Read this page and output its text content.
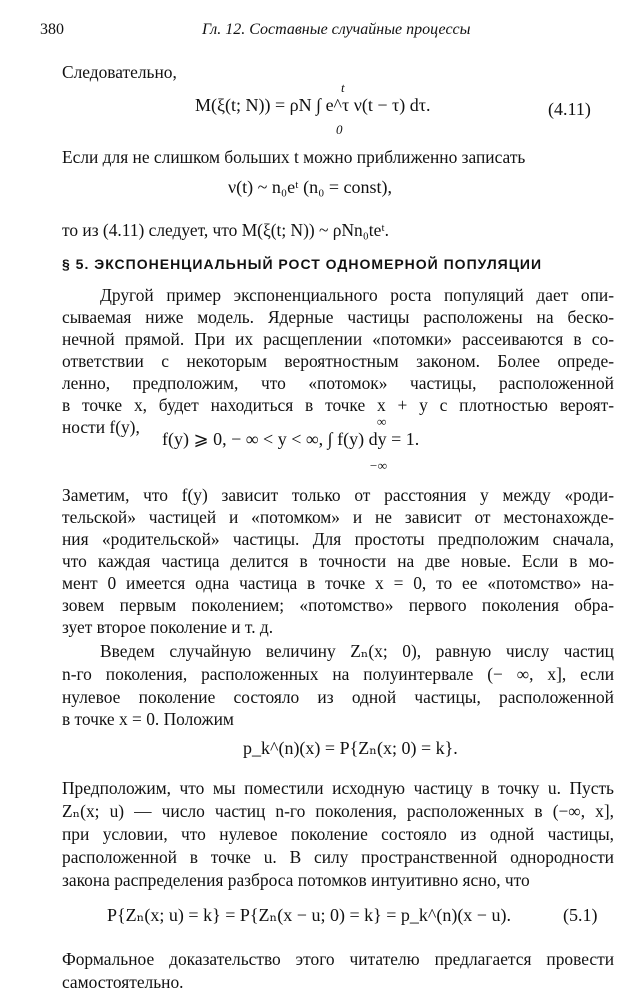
380	Гл. 12. Составные случайные процессы
Следовательно,
t
M(ξ(t; N)) = ρN ∫ e^τ ν(t − τ) dτ.
0
(4.11)
Если для не слишком больших t можно приближенно записать
ν(t) ~ n₀eᵗ (n₀ = const),
то из (4.11) следует, что M(ξ(t; N)) ~ ρNn₀teᵗ.
§ 5. ЭКСПОНЕНЦИАЛЬНЫЙ РОСТ ОДНОМЕРНОЙ ПОПУЛЯЦИИ
Другой пример экспоненциального роста популяций дает опи-
сываемая ниже модель. Ядерные частицы расположены на беско-
нечной прямой. При их расщеплении «потомки» рассеиваются в со-
ответствии с некоторым вероятностным законом. Более опреде-
ленно, предположим, что «потомок» частицы, расположенной
в точке x, будет находиться в точке x + y с плотностью вероят-
ности f(y),	∞
f(y) ⩾ 0, − ∞ < y < ∞, ∫ f(y) dy = 1.
−∞
Заметим, что f(y) зависит только от расстояния y между «роди-
тельской» частицей и «потомком» и не зависит от местонахожде-
ния «родительской» частицы. Для простоты предположим сначала,
что каждая частица делится в точности на две новые. Если в мо-
мент 0 имеется одна частица в точке x = 0, то ее «потомство» на-
зовем первым поколением; «потомство» первого поколения обра-
зует второе поколение и т. д.
Введем случайную величину Zₙ(x; 0), равную числу частиц
n-го поколения, расположенных на полуинтервале (− ∞, x], если
нулевое поколение состояло из одной частицы, расположенной
в точке x = 0. Положим
p_k^(n)(x) = P{Zₙ(x; 0) = k}.
Предположим, что мы поместили исходную частицу в точку u. Пусть
Zₙ(x; u) — число частиц n-го поколения, расположенных в (−∞, x],
при условии, что нулевое поколение состояло из одной частицы,
расположенной в точке u. В силу пространственной однородности
закона распределения разброса потомков интуитивно ясно, что
P{Zₙ(x; u) = k} = P{Zₙ(x − u; 0) = k} = p_k^(n)(x − u).	(5.1)
Формальное доказательство этого читателю предлагается провести
самостоятельно.
